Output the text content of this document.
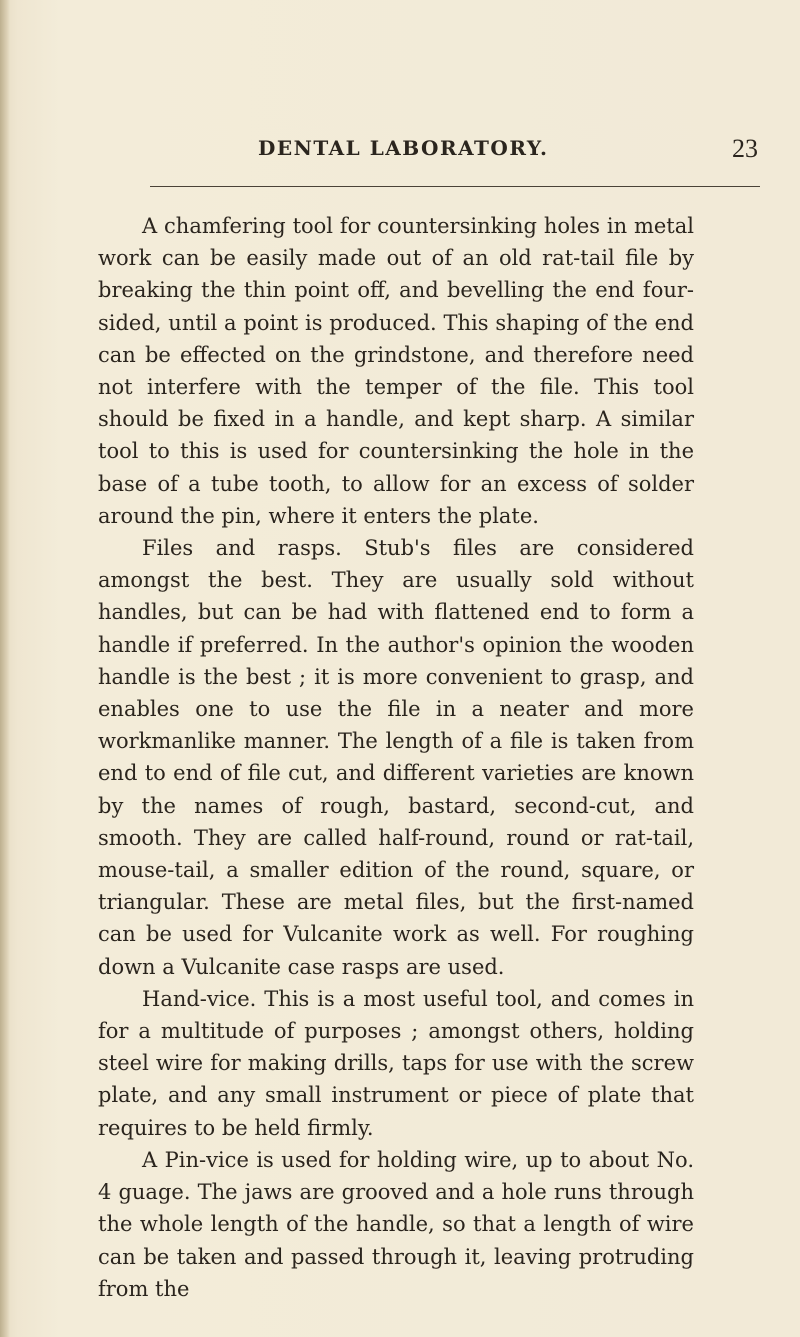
DENTAL LABORATORY.	23

A chamfering tool for countersinking holes in metal work can be easily made out of an old rat-tail file by breaking the thin point off, and bevelling the end four-sided, until a point is produced. This shaping of the end can be effected on the grindstone, and therefore need not interfere with the temper of the file. This tool should be fixed in a handle, and kept sharp. A similar tool to this is used for countersinking the hole in the base of a tube tooth, to allow for an excess of solder around the pin, where it enters the plate.

Files and rasps. Stub's files are considered amongst the best. They are usually sold without handles, but can be had with flattened end to form a handle if preferred. In the author's opinion the wooden handle is the best ; it is more convenient to grasp, and enables one to use the file in a neater and more workmanlike manner. The length of a file is taken from end to end of file cut, and different varieties are known by the names of rough, bastard, second-cut, and smooth. They are called half-round, round or rat-tail, mouse-tail, a smaller edition of the round, square, or triangular. These are metal files, but the first-named can be used for Vulcanite work as well. For roughing down a Vulcanite case rasps are used.

Hand-vice. This is a most useful tool, and comes in for a multitude of purposes ; amongst others, holding steel wire for making drills, taps for use with the screw plate, and any small instrument or piece of plate that requires to be held firmly.

A Pin-vice is used for holding wire, up to about No. 4 guage. The jaws are grooved and a hole runs through the whole length of the handle, so that a length of wire can be taken and passed through it, leaving protruding from the
